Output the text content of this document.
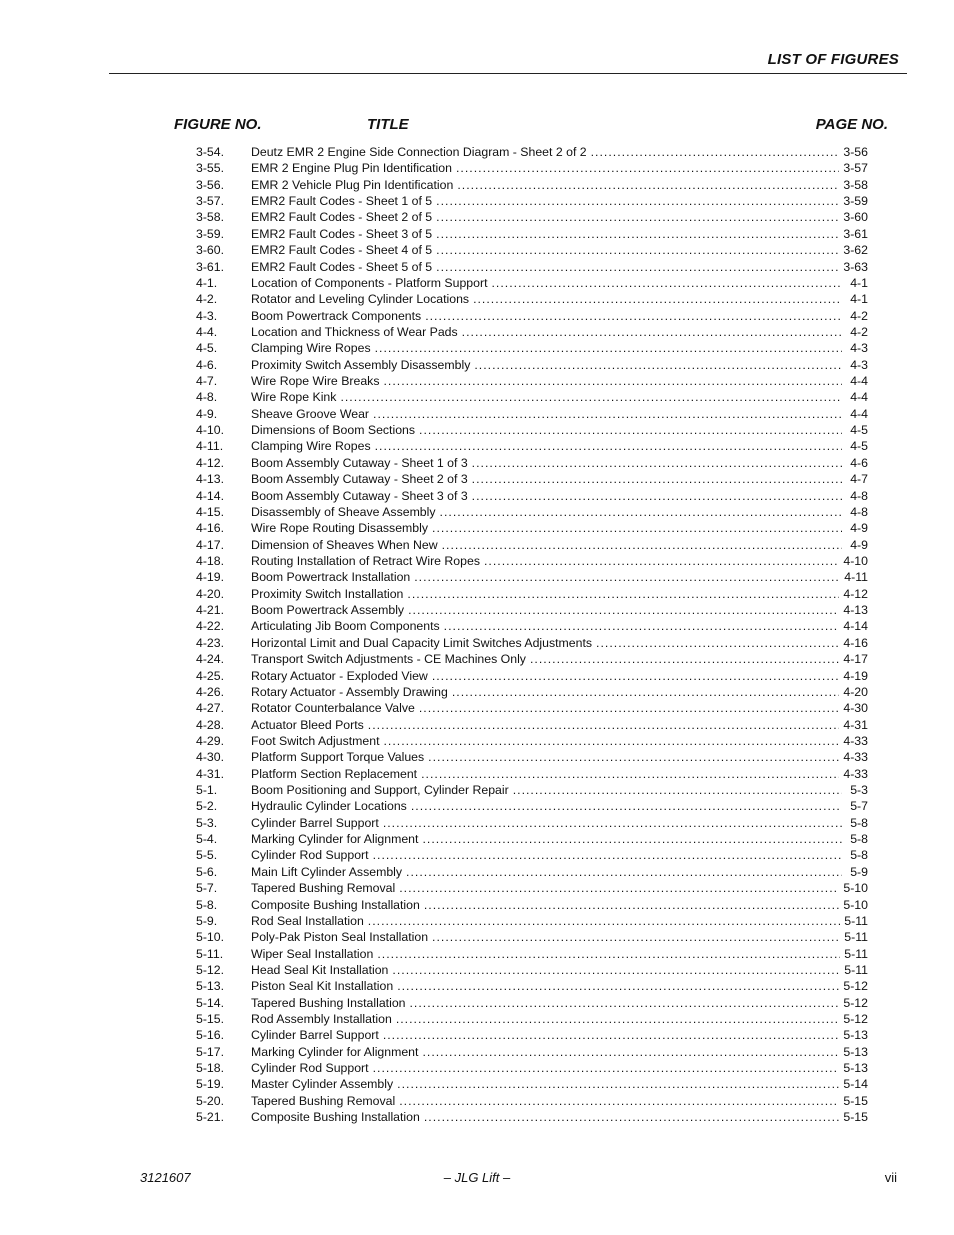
LIST OF FIGURES
FIGURE NO.	TITLE	PAGE NO.
3-54.	Deutz EMR 2 Engine Side Connection Diagram - Sheet 2 of 2 . . .	3-56
3-55.	EMR 2 Engine Plug Pin Identification . . .	3-57
3-56.	EMR 2 Vehicle Plug Pin Identification . . .	3-58
3-57.	EMR2 Fault Codes - Sheet 1 of 5 . . .	3-59
3-58.	EMR2 Fault Codes - Sheet 2 of 5 . . .	3-60
3-59.	EMR2 Fault Codes - Sheet 3 of 5 . . .	3-61
3-60.	EMR2 Fault Codes - Sheet 4 of 5 . . .	3-62
3-61.	EMR2 Fault Codes - Sheet 5 of 5 . . .	3-63
4-1.	Location of Components - Platform Support . . .	4-1
4-2.	Rotator and Leveling Cylinder Locations . . .	4-1
4-3.	Boom Powertrack Components . . .	4-2
4-4.	Location and Thickness of Wear Pads . . .	4-2
4-5.	Clamping Wire Ropes . . .	4-3
4-6.	Proximity Switch Assembly Disassembly . . .	4-3
4-7.	Wire Rope Wire Breaks . . .	4-4
4-8.	Wire Rope Kink . . .	4-4
4-9.	Sheave Groove Wear . . .	4-4
4-10.	Dimensions of Boom Sections . . .	4-5
4-11.	Clamping Wire Ropes . . .	4-5
4-12.	Boom Assembly Cutaway - Sheet 1 of 3 . . .	4-6
4-13.	Boom Assembly Cutaway - Sheet 2 of 3 . . .	4-7
4-14.	Boom Assembly Cutaway - Sheet 3 of 3 . . .	4-8
4-15.	Disassembly of Sheave Assembly . . .	4-8
4-16.	Wire Rope Routing Disassembly . . .	4-9
4-17.	Dimension of Sheaves When New . . .	4-9
4-18.	Routing Installation of Retract Wire Ropes . . .	4-10
4-19.	Boom Powertrack Installation . . .	4-11
4-20.	Proximity Switch Installation . . .	4-12
4-21.	Boom Powertrack Assembly . . .	4-13
4-22.	Articulating Jib Boom Components . . .	4-14
4-23.	Horizontal Limit and Dual Capacity Limit Switches Adjustments . . .	4-16
4-24.	Transport Switch Adjustments - CE Machines Only . . .	4-17
4-25.	Rotary Actuator - Exploded View . . .	4-19
4-26.	Rotary Actuator - Assembly Drawing . . .	4-20
4-27.	Rotator Counterbalance Valve . . .	4-30
4-28.	Actuator Bleed Ports . . .	4-31
4-29.	Foot Switch Adjustment . . .	4-33
4-30.	Platform Support Torque Values . . .	4-33
4-31.	Platform Section Replacement . . .	4-33
5-1.	Boom Positioning and Support, Cylinder Repair . . .	5-3
5-2.	Hydraulic Cylinder Locations . . .	5-7
5-3.	Cylinder Barrel Support . . .	5-8
5-4.	Marking Cylinder for Alignment . . .	5-8
5-5.	Cylinder Rod Support . . .	5-8
5-6.	Main Lift Cylinder Assembly . . .	5-9
5-7.	Tapered Bushing Removal . . .	5-10
5-8.	Composite Bushing Installation . . .	5-10
5-9.	Rod Seal Installation . . .	5-11
5-10.	Poly-Pak Piston Seal Installation . . .	5-11
5-11.	Wiper Seal Installation . . .	5-11
5-12.	Head Seal Kit Installation . . .	5-11
5-13.	Piston Seal Kit Installation . . .	5-12
5-14.	Tapered Bushing Installation . . .	5-12
5-15.	Rod Assembly Installation . . .	5-12
5-16.	Cylinder Barrel Support . . .	5-13
5-17.	Marking Cylinder for Alignment . . .	5-13
5-18.	Cylinder Rod Support . . .	5-13
5-19.	Master Cylinder Assembly . . .	5-14
5-20.	Tapered Bushing Removal . . .	5-15
5-21.	Composite Bushing Installation . . .	5-15
3121607	– JLG Lift –	vii
